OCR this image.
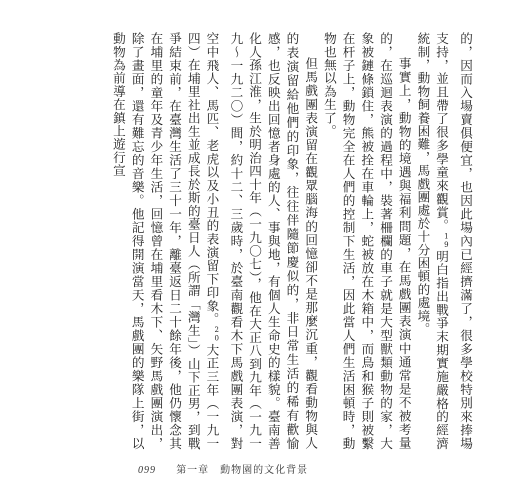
的，因而入場賣俱便宜，也因此場內已經擠滿了，很多學校特別來捧場支持，並且帶了很多學童來觀賞。$^{19}$明白指出戰爭末期實施嚴格的經濟統制，動物飼養困難，馬戲團處於十分困頓的處境。

事實上，動物的境遇與福利問題，在馬戲團表演中通常是不被考量的，在巡迴表演的過程中，裝著柵欄的車子就是大型獸類動物的家，大象被鏈條鎖住，熊被拴在車輪上，蛇被放在木箱中，而鳥和猴子則被繫在杆子上，動物完全在人們的控制下生活，因此當人們生活困頓時，動物也無以為生了。

但馬戲團表演留在觀眾腦海的回憶卻不是那麼沉重，觀看動物與人的表演留給他們的印象，往往伴隨節慶似的，非日常生活的稀有歡愉感，也反映出回憶者身處的人、事與地，有個人生命史的樣貌。臺南善化人孫江淮，生於明治四十年（一九〇七），他在大正八到九年（一九一九～一九二〇）間，約十二、三歲時，於臺南觀看木下馬戲團表演，對空中飛人、馬匹、老虎以及小丑的表演留下印象。$^{20}$大正三年（一九一四）在埔里社出生並成長於斯的臺日人（所謂「灣生」）山下正男，到戰爭結束前，在臺灣生活了三十一年，離臺返日二十餘年後，他仍懷念其在埔里的童年及青少年生活，回憶曾在埔里看木下、矢野馬戲團演出，除了畫面，還有難忘的音樂。他記得開演當天，馬戲團的樂隊上街，以動物為前導在鎮上遊行宣

099 第一章　動物園的文化背景
